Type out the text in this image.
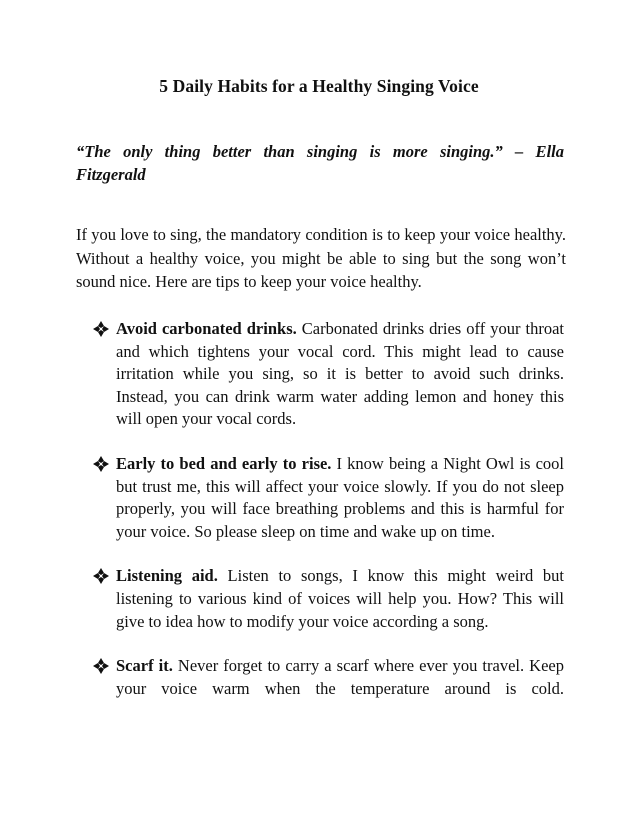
5 Daily Habits for a Healthy Singing Voice

“The only thing better than singing is more singing.” – Ella Fitzgerald

If you love to sing, the mandatory condition is to keep your voice healthy. Without a healthy voice, you might be able to sing but the song won’t sound nice. Here are tips to keep your voice healthy.

Avoid carbonated drinks. Carbonated drinks dries off your throat and which tightens your vocal cord. This might lead to cause irritation while you sing, so it is better to avoid such drinks. Instead, you can drink warm water adding lemon and honey this will open your vocal cords.
Early to bed and early to rise. I know being a Night Owl is cool but trust me, this will affect your voice slowly. If you do not sleep properly, you will face breathing problems and this is harmful for your voice. So please sleep on time and wake up on time.
Listening aid. Listen to songs, I know this might weird but listening to various kind of voices will help you. How? This will give to idea how to modify your voice according a song.
Scarf it. Never forget to carry a scarf where ever you travel. Keep your voice warm when the temperature around is cold.
